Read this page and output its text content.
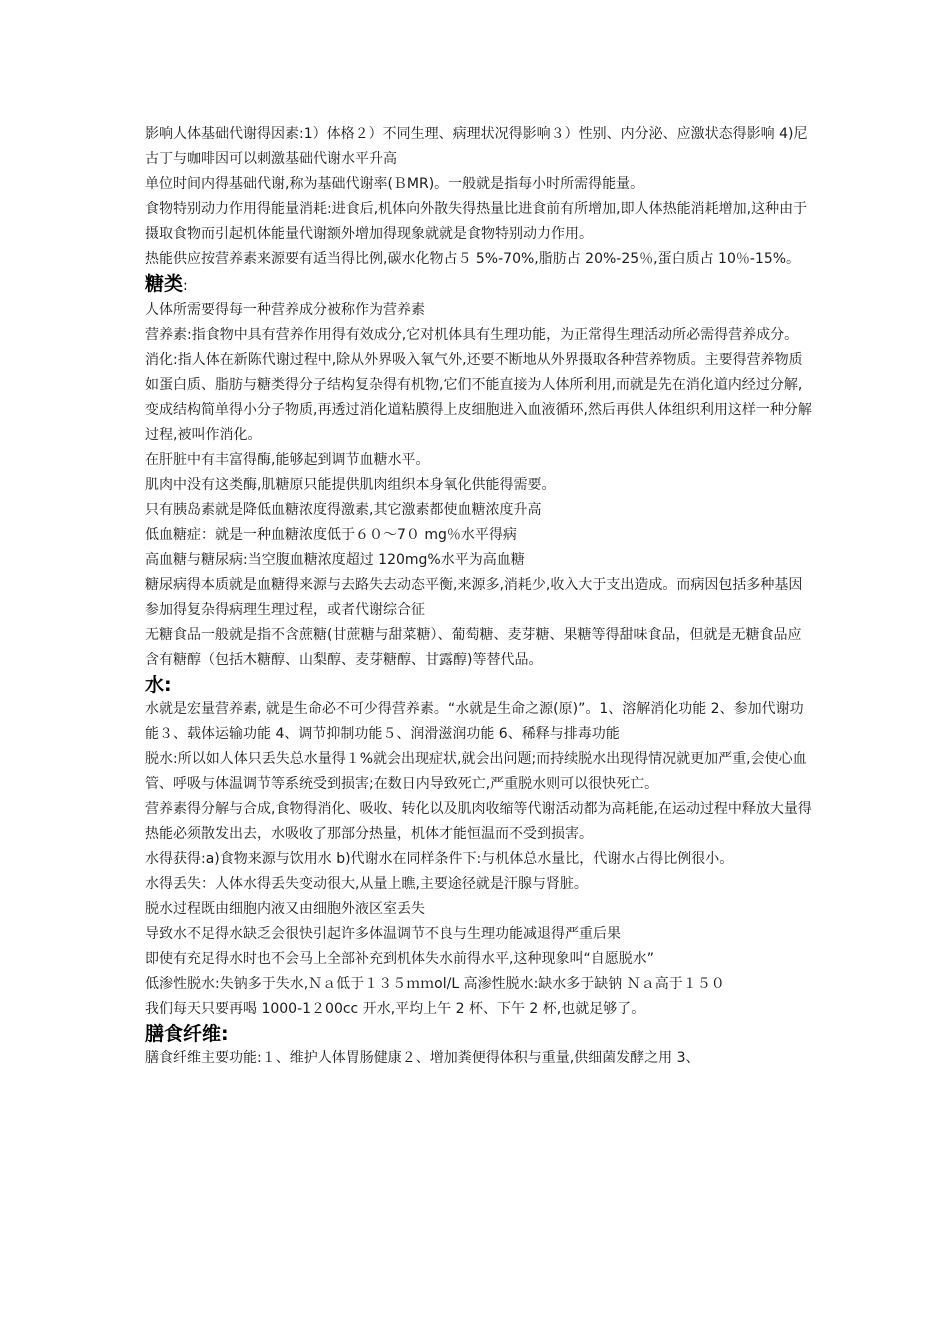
影响人体基础代谢得因素:1）体格２）不同生理、病理状况得影响３）性别、内分泌、应激状态得影响 4)尼古丁与咖啡因可以刺激基础代谢水平升高

单位时间内得基础代谢,称为基础代谢率(ＢMR)。一般就是指每小时所需得能量。

食物特别动力作用得能量消耗:进食后,机体向外散失得热量比进食前有所增加,即人体热能消耗增加,这种由于摄取食物而引起机体能量代谢额外增加得现象就就是食物特别动力作用。

热能供应按营养素来源要有适当得比例,碳水化物占５ 5%-70%,脂肪占 20%-25％,蛋白质占 10％-15%。

糖类:

人体所需要得每一种营养成分被称作为营养素

营养素:指食物中具有营养作用得有效成分,它对机体具有生理功能，为正常得生理活动所必需得营养成分。

消化:指人体在新陈代谢过程中,除从外界吸入氧气外,还要不断地从外界摄取各种营养物质。主要得营养物质如蛋白质、脂肪与糖类得分子结构复杂得有机物,它们不能直接为人体所利用,而就是先在消化道内经过分解,变成结构简单得小分子物质,再透过消化道粘膜得上皮细胞进入血液循环,然后再供人体组织利用这样一种分解过程,被叫作消化。

在肝脏中有丰富得酶,能够起到调节血糖水平。

肌肉中没有这类酶,肌糖原只能提供肌肉组织本身氧化供能得需要。

只有胰岛素就是降低血糖浓度得激素,其它激素都使血糖浓度升高

低血糖症：就是一种血糖浓度低于６０～7０ mg％水平得病

高血糖与糖尿病:当空腹血糖浓度超过 120mg%水平为高血糖

糖尿病得本质就是血糖得来源与去路失去动态平衡,来源多,消耗少,收入大于支出造成。而病因包括多种基因参加得复杂得病理生理过程，或者代谢综合征

无糖食品一般就是指不含蔗糖(甘蔗糖与甜菜糖）、葡萄糖、麦芽糖、果糖等得甜味食品，但就是无糖食品应含有糖醇（包括木糖醇、山梨醇、麦芽糖醇、甘露醇)等替代品。

水:

水就是宏量营养素, 就是生命必不可少得营养素。“水就是生命之源(原)”。1、溶解消化功能 2、参加代谢功能３、载体运输功能 4、调节抑制功能５、润滑滋润功能 6、稀释与排毒功能

脱水:所以如人体只丢失总水量得１%就会出现症状,就会出问题;而持续脱水出现得情况就更加严重,会使心血管、呼吸与体温调节等系统受到损害;在数日内导致死亡,严重脱水则可以很快死亡。

营养素得分解与合成,食物得消化、吸收、转化以及肌肉收缩等代谢活动都为高耗能,在运动过程中释放大量得热能必须散发出去，水吸收了那部分热量，机体才能恒温而不受到损害。

水得获得:a)食物来源与饮用水 b)代谢水在同样条件下:与机体总水量比，代谢水占得比例很小。

水得丢失：人体水得丢失变动很大,从量上瞧,主要途径就是汗腺与肾脏。

脱水过程既由细胞内液又由细胞外液区室丢失

导致水不足得水缺乏会很快引起许多体温调节不良与生理功能减退得严重后果

即使有充足得水时也不会马上全部补充到机体失水前得水平,这种现象叫“自愿脱水”

低渗性脱水:失钠多于失水,Ｎａ低于１３５ｍｍol/L 高渗性脱水:缺水多于缺钠 Ｎａ高于１５０

我们每天只要再喝 1000-1２00cc 开水,平均上午 2 杯、下午 2 杯,也就足够了。

膳食纤维:

膳食纤维主要功能:１、维护人体胃肠健康２、增加粪便得体积与重量,供细菌发酵之用 3、
